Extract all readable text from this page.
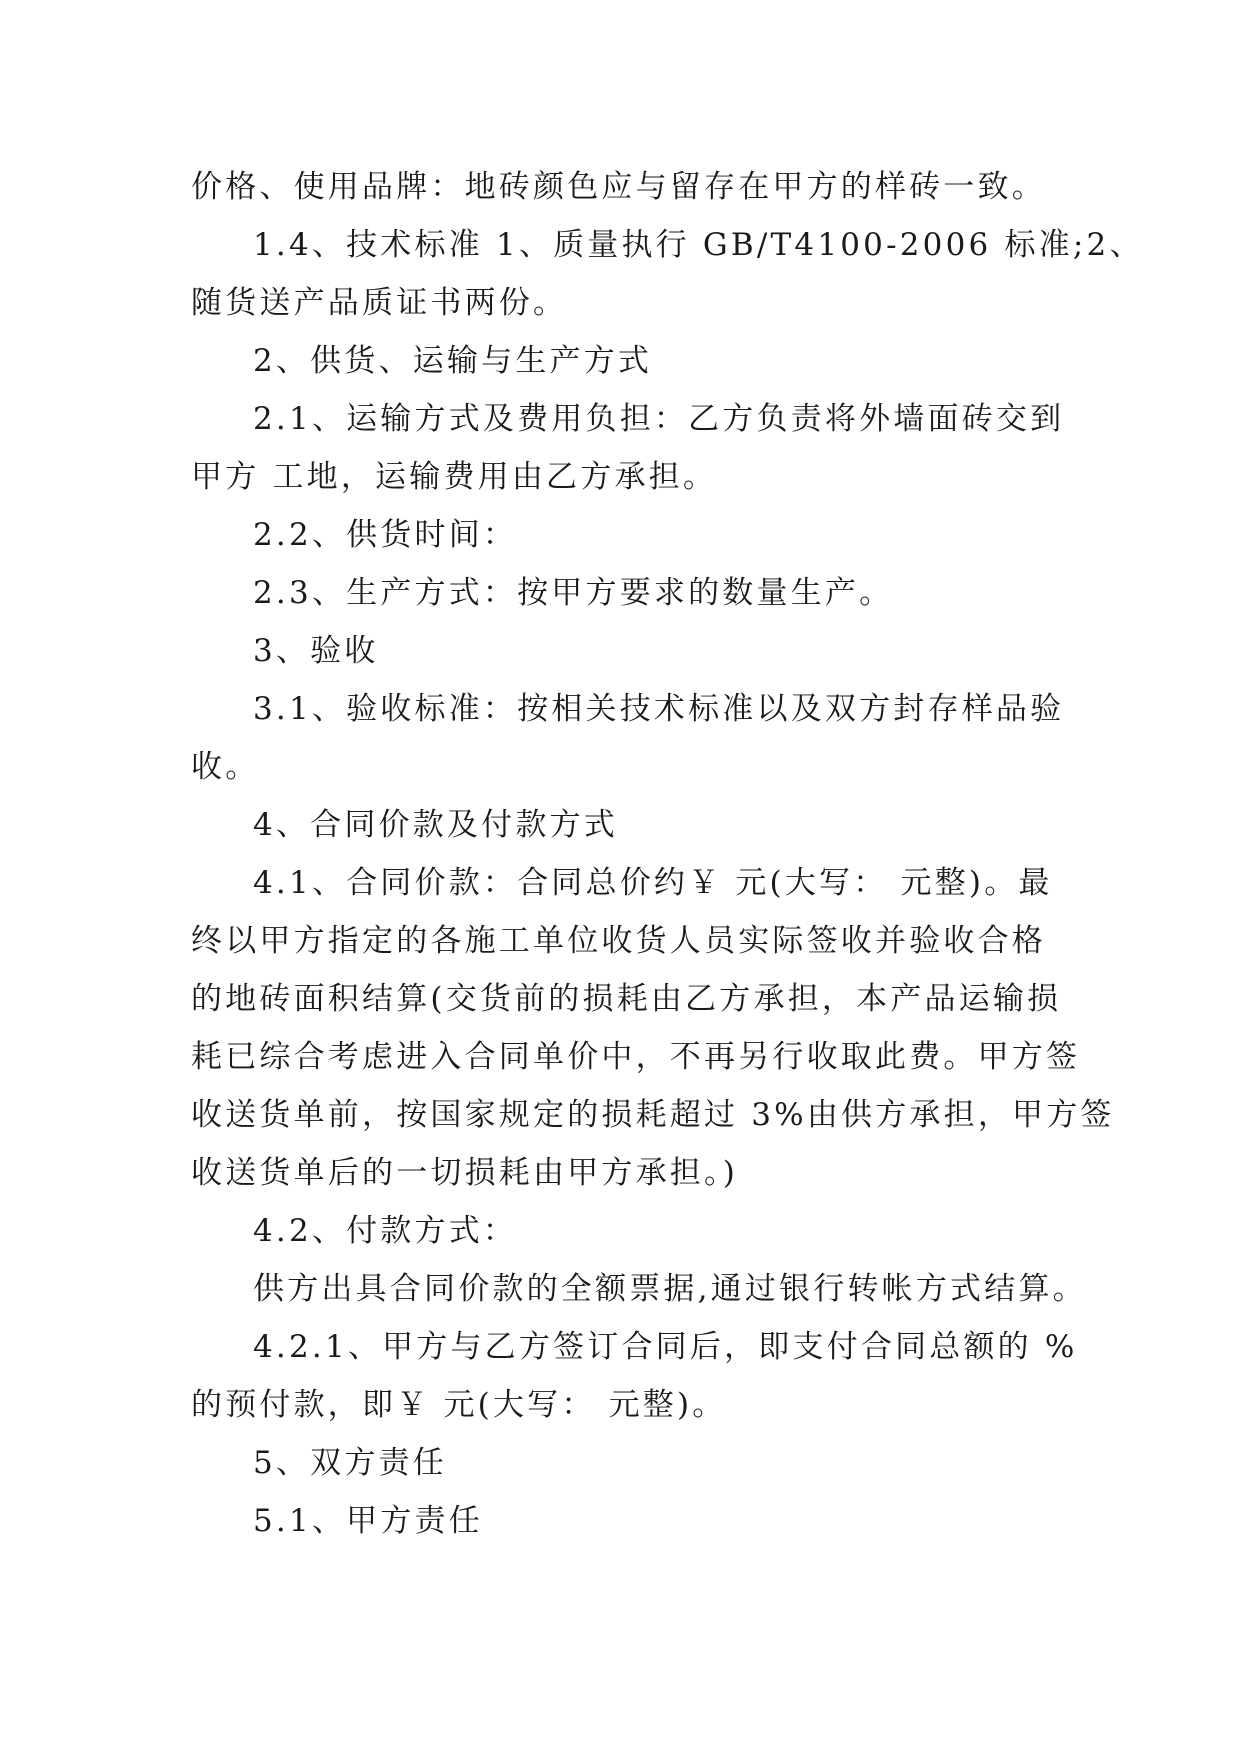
价格、使用品牌：地砖颜色应与留存在甲方的样砖一致。
1.4、技术标准 1、质量执行 GB/T4100-2006 标准;2、
随货送产品质证书两份。
2、供货、运输与生产方式
2.1、运输方式及费用负担：乙方负责将外墙面砖交到
甲方 工地，运输费用由乙方承担。
2.2、供货时间：
2.3、生产方式：按甲方要求的数量生产。
3、验收
3.1、验收标准：按相关技术标准以及双方封存样品验
收。
4、合同价款及付款方式
4.1、合同价款：合同总价约￥ 元(大写： 元整)。最
终以甲方指定的各施工单位收货人员实际签收并验收合格
的地砖面积结算(交货前的损耗由乙方承担，本产品运输损
耗已综合考虑进入合同单价中，不再另行收取此费。甲方签
收送货单前，按国家规定的损耗超过 3%由供方承担，甲方签
收送货单后的一切损耗由甲方承担。)
4.2、付款方式：
供方出具合同价款的全额票据,通过银行转帐方式结算。
4.2.1、甲方与乙方签订合同后，即支付合同总额的 %
的预付款，即￥ 元(大写： 元整)。
5、双方责任
5.1、甲方责任
